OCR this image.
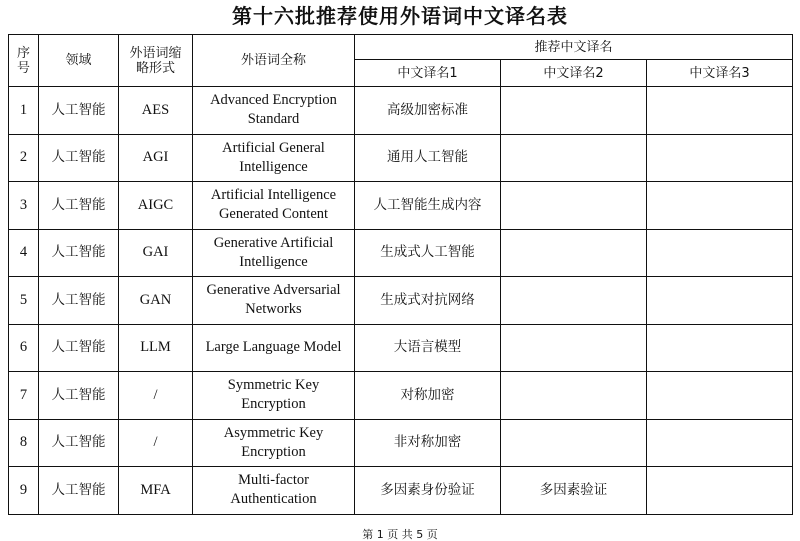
第十六批推荐使用外语词中文译名表
序号	领域	外语词缩略形式	外语词全称	推荐中文译名		
				中文译名1	中文译名2	中文译名3
1	人工智能	AES	Advanced Encryption Standard	高级加密标准		
2	人工智能	AGI	Artificial General Intelligence	通用人工智能		
3	人工智能	AIGC	Artificial Intelligence Generated Content	人工智能生成内容		
4	人工智能	GAI	Generative Artificial Intelligence	生成式人工智能		
5	人工智能	GAN	Generative Adversarial Networks	生成式对抗网络		
6	人工智能	LLM	Large Language Model	大语言模型		
7	人工智能	/	Symmetric Key Encryption	对称加密		
8	人工智能	/	Asymmetric Key Encryption	非对称加密		
9	人工智能	MFA	Multi-factor Authentication	多因素身份验证	多因素验证	
第 1 页 共 5 页
